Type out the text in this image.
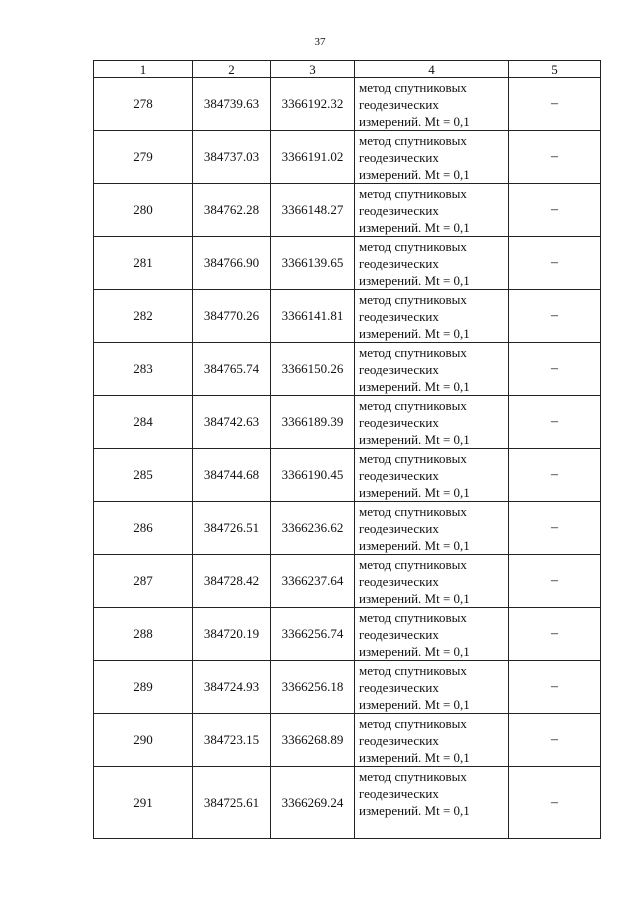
37
1	2	3	4	5
278	384739.63	3366192.32	метод спутниковых
геодезических
измерений. Mt = 0,1	–
279	384737.03	3366191.02	метод спутниковых
геодезических
измерений. Mt = 0,1	–
280	384762.28	3366148.27	метод спутниковых
геодезических
измерений. Mt = 0,1	–
281	384766.90	3366139.65	метод спутниковых
геодезических
измерений. Mt = 0,1	–
282	384770.26	3366141.81	метод спутниковых
геодезических
измерений. Mt = 0,1	–
283	384765.74	3366150.26	метод спутниковых
геодезических
измерений. Mt = 0,1	–
284	384742.63	3366189.39	метод спутниковых
геодезических
измерений. Mt = 0,1	–
285	384744.68	3366190.45	метод спутниковых
геодезических
измерений. Mt = 0,1	–
286	384726.51	3366236.62	метод спутниковых
геодезических
измерений. Mt = 0,1	–
287	384728.42	3366237.64	метод спутниковых
геодезических
измерений. Mt = 0,1	–
288	384720.19	3366256.74	метод спутниковых
геодезических
измерений. Mt = 0,1	–
289	384724.93	3366256.18	метод спутниковых
геодезических
измерений. Mt = 0,1	–
290	384723.15	3366268.89	метод спутниковых
геодезических
измерений. Mt = 0,1	–
291	384725.61	3366269.24	метод спутниковых
геодезических
измерений. Mt = 0,1	–
